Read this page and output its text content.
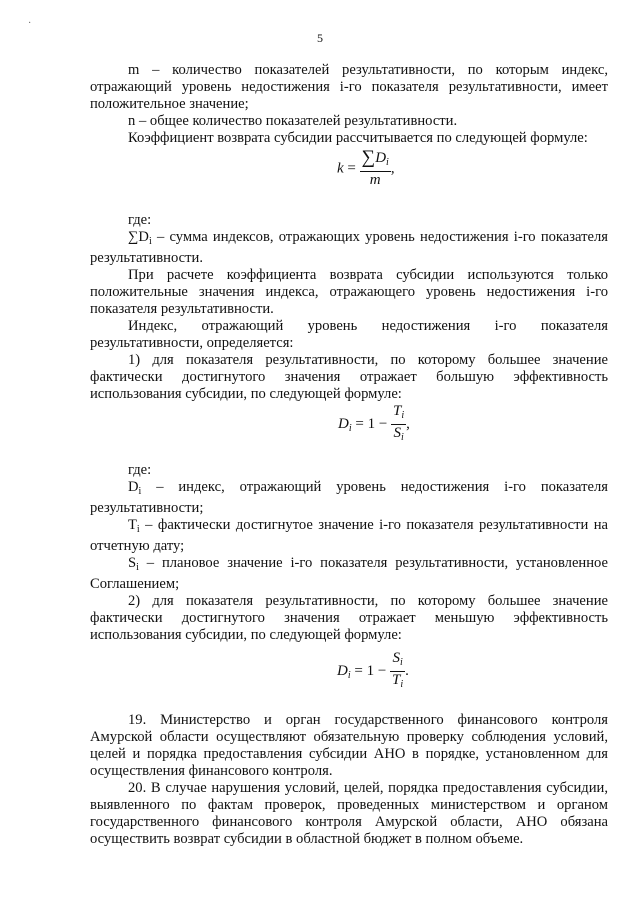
·
5

m – количество показателей результативности, по которым индекс, отражающий уровень недостижения i-го показателя результативности, имеет положительное значение;

n – общее количество показателей результативности.

Коэффициент возврата субсидии рассчитывается по следующей формуле:

$k = \frac{\sum D_i}{m}$ ,

где:

$\sum D_i$ – сумма индексов, отражающих уровень недостижения i-го показателя результативности.

При расчете коэффициента возврата субсидии используются только положительные значения индекса, отражающего уровень недостижения i-го показателя результативности.

Индекс, отражающий уровень недостижения i-го показателя результативности, определяется:

1) для показателя результативности, по которому большее значение фактически достигнутого значения отражает большую эффективность использования субсидии, по следующей формуле:

$D_i = 1 - \frac{T_i}{S_i}$ ,

где:

$D_i$ – индекс, отражающий уровень недостижения i-го показателя результативности;

$T_i$ – фактически достигнутое значение i-го показателя результативности на отчетную дату;

$S_i$ – плановое значение i-го показателя результативности, установленное Соглашением;

2) для показателя результативности, по которому большее значение фактически достигнутого значения отражает меньшую эффективность использования субсидии, по следующей формуле:

$D_i = 1 - \frac{S_i}{T_i}$ .

19. Министерство и орган государственного финансового контроля Амурской области осуществляют обязательную проверку соблюдения условий, целей и порядка предоставления субсидии АНО в порядке, установленном для осуществления финансового контроля.

20. В случае нарушения условий, целей, порядка предоставления субсидии, выявленного по фактам проверок, проведенных министерством и органом государственного финансового контроля Амурской области, АНО обязана осуществить возврат субсидии в областной бюджет в полном объеме.
